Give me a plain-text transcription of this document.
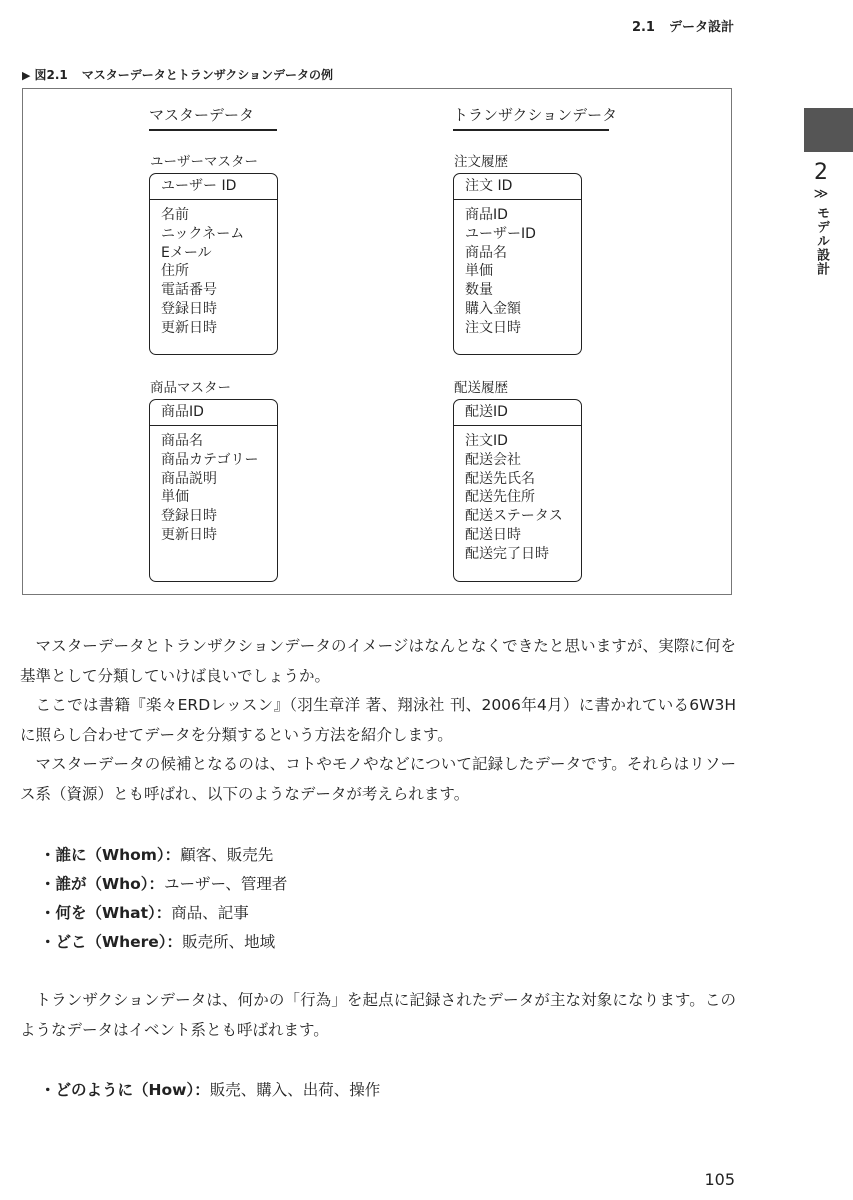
2.1 データ設計
2
≫
モデル設計
▶ 図2.1 マスターデータとトランザクションデータの例
マスターデータ	トランザクションデータ
ユーザーマスター
ユーザー ID
名前
ニックネーム
Eメール
住所
電話番号
登録日時
更新日時
注文履歴
注文 ID
商品ID
ユーザーID
商品名
単価
数量
購入金額
注文日時
商品マスター
商品ID
商品名
商品カテゴリー
商品説明
単価
登録日時
更新日時
配送履歴
配送ID
注文ID
配送会社
配送先氏名
配送先住所
配送ステータス
配送日時
配送完了日時

マスターデータとトランザクションデータのイメージはなんとなくできたと思いますが、実際に何を基準として分類していけば良いでしょうか。

ここでは書籍『楽々ERDレッスン』（羽生章洋 著、翔泳社 刊、2006年4月）に書かれている6W3Hに照らし合わせてデータを分類するという方法を紹介します。

マスターデータの候補となるのは、コトやモノやなどについて記録したデータです。それらはリソース系（資源）とも呼ばれ、以下のようなデータが考えられます。

・誰に（Whom）：顧客、販売先
・誰が（Who）：ユーザー、管理者
・何を（What）：商品、記事
・どこ（Where）：販売所、地域

トランザクションデータは、何かの「行為」を起点に記録されたデータが主な対象になります。このようなデータはイベント系とも呼ばれます。

・どのように（How）：販売、購入、出荷、操作
105
